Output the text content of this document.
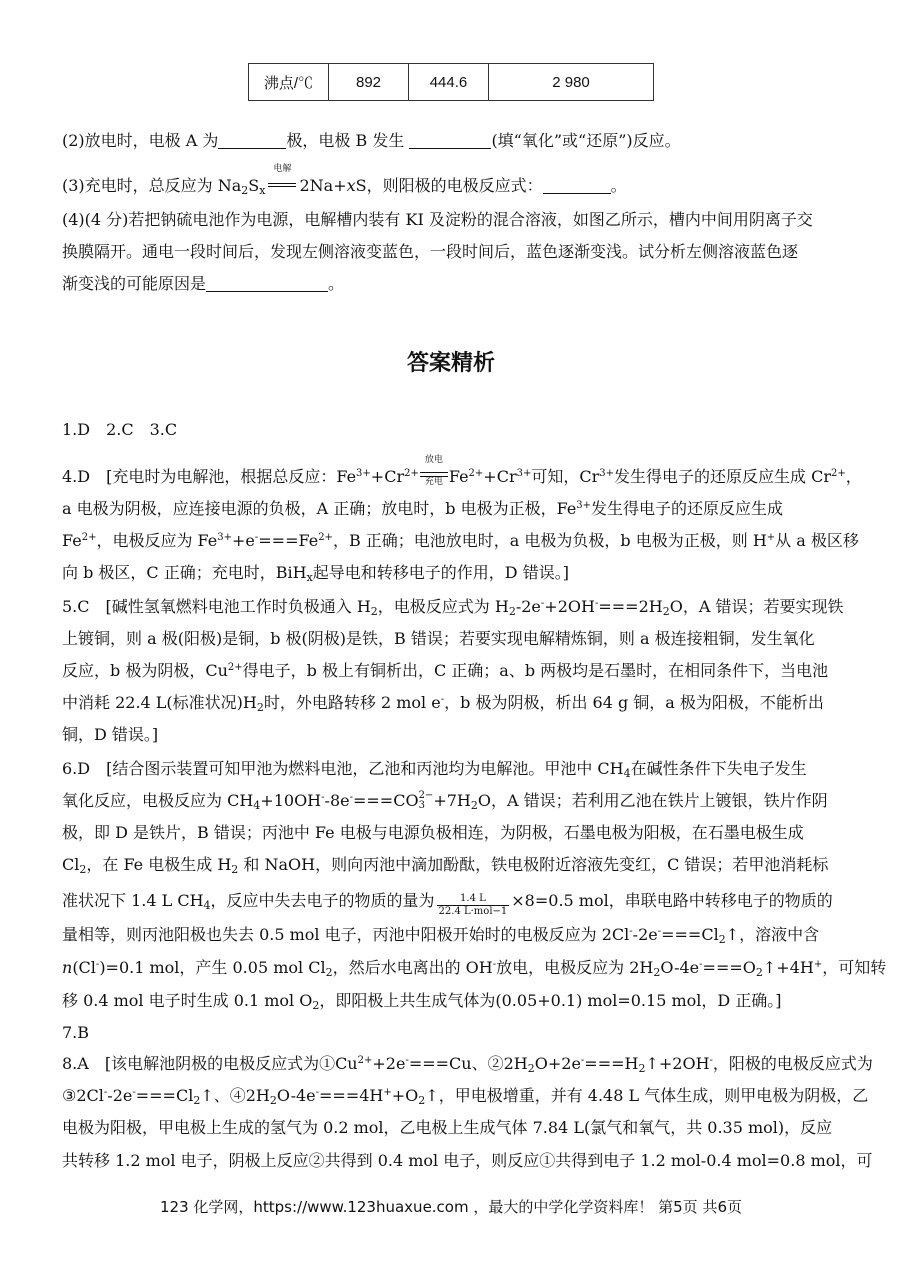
沸点/℃	892	444.6	2 980
(2)放电时，电极 A 为	极，电极 B 发生	(填“氧化”或“还原”)反应。
(3)充电时，总反应为 $Na_2S_x$
电解
2Na+xS，则阳极的电极反应式：	。
(4)(4 分)若把钠硫电池作为电源，电解槽内装有 KI 及淀粉的混合溶液，如图乙所示，槽内中间用阴离子交
换膜隔开。通电一段时间后，发现左侧溶液变蓝色，一段时间后，蓝色逐渐变浅。试分析左侧溶液蓝色逐
渐变浅的可能原因是	。
答案精析
1.D　2.C　3.C
4.D　[充电时为电解池，根据总反应：$Fe^{3+}+Cr^{2+}$
放电
充电 $Fe^{2+}+Cr^{3+}$可知，$Cr^{3+}$发生得电子的还原反应生成 $Cr^{2+}$，
a 电极为阴极，应连接电源的负极，A 正确；放电时，b 电极为正极，$Fe^{3+}$发生得电子的还原反应生成
$Fe^{2+}$，电极反应为 $Fe^{3+}+e^-===Fe^{2+}$，B 正确；电池放电时，a 电极为负极，b 电极为正极，则 H+从 a 极区移
向 b 极区，C 正确；充电时，BiH$_x$起导电和转移电子的作用，D 错误。]
5.C　[碱性氢氧燃料电池工作时负极通入 $H_2$，电极反应式为 $H_2-2e^-+2OH^-===2H_2O$，A 错误；若要实现铁
上镀铜，则 a 极(阳极)是铜，b 极(阴极)是铁，B 错误；若要实现电解精炼铜，则 a 极连接粗铜，发生氧化
反应，b 极为阴极，$Cu^{2+}$得电子，b 极上有铜析出，C 正确；a、b 两极均是石墨时，在相同条件下，当电池
中消耗 22.4 L(标准状况)$H_2$时，外电路转移 2 mol e-，b 极为阴极，析出 64 g 铜，a 极为阳极，不能析出
铜，D 错误。]
6.D　[结合图示装置可知甲池为燃料电池，乙池和丙池均为电解池。甲池中 $CH_4$在碱性条件下失电子发生
氧化反应，电极反应为 $CH_4+10OH^--8e^-===CO$ 2−
$3 +7H_2O$，A 错误；若利用乙池在铁片上镀银，铁片作阴
极，即 D 是铁片，B 错误；丙池中 Fe 电极与电源负极相连，为阴极，石墨电极为阳极，在石墨电极生成
$Cl_2$，在 Fe 电极生成 $H_2$ 和 NaOH，则向丙池中滴加酚酞，铁电极附近溶液先变红，C 错误；若甲池消耗标
准状况下 1.4 L $CH_4$，反应中失去电子的物质的量为 $\frac{1.4 L}{\text{22.4 L·mol−1}} \times 8=0.5$ mol，串联电路中转移电子的物质的
量相等，则丙池阳极也失去 0.5 mol 电子，丙池中阳极开始时的电极反应为 $2Cl^--2e^-===Cl_2↑$，溶液中含
n(Cl-)=0.1 mol，产生 0.05 mol $Cl_2$，然后水电离出的 OH-放电，电极反应为 $2H_2O-4e^-===O_2↑+4H^+$，可知转
移 0.4 mol 电子时生成 0.1 mol $O_2$，即阳极上共生成气体为(0.05+0.1) mol=0.15 mol，D 正确。]
7.B
8.A　[该电解池阴极的电极反应式为$①Cu^{2+}+2e^-===Cu$、$②2H_2O+2e^-===H_2↑+2OH^-$，阳极的电极反应式为
$③2Cl^--2e^-===Cl_2↑$、$④2H_2O-4e^-===4H^++O_2↑$，甲电极增重，并有 4.48 L 气体生成，则甲电极为阴极，乙
电极为阳极，甲电极上生成的氢气为 0.2 mol，乙电极上生成气体 7.84 L(氯气和氧气，共 0.35 mol)，反应
共转移 1.2 mol 电子，阴极上反应②共得到 0.4 mol 电子，则反应①共得到电子 1.2 mol-0.4 mol=0.8 mol，可
123 化学网，https://www.123huaxue.com ，最大的中学化学资料库！ 第5页 共6页
